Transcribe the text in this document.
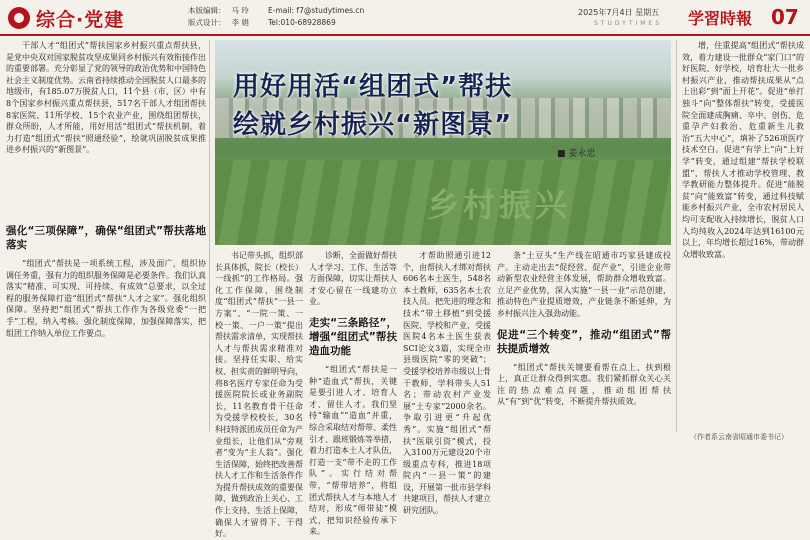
综合·党建	本版编辑： 马 玲
版式设计： 李 娟
E-mail: f7@studytimes.cn
Tel:010-68928869
2025年7月4日 星期五
STUDYTIMES 学習時報 07
乡村振兴
用好用活“组团式”帮扶
绘就乡村振兴“新图景”
■ 姜永忠

干部人才“组团式”帮扶国家乡村振兴重点帮扶县，是党中央双对国家脱贫攻坚成果同乡村振兴有效衔接作出的重要部署。充分彰显了党的领导的政治优势和中国特色社会主义制度优势。云南省持续推动全国脱贫人口最多的地级市，有185.07万脱贫人口，11个县（市、区）中有8个国家乡村振兴重点帮扶县，517名干部人才组团帮扶8家医院、11所学校、15个农业产业，围绕组团帮扶，群众所盼，人才所能，用好用活“组团式”帮扶机制，着力打造“组团式”帮扶“照通经验”，绘就巩固脱贫成果推进乡村振兴的“新图景”。

强化“三项保障”，确保“组团式”帮扶落地落实

“组团式”帮扶是一项系统工程，涉及面广，组织协调任务重，强有力的组织服务保障是必要条件。我们认真落实“精准、可实现、可持续、有成效”总要求，以全过程的服务保障打造“组团式”帮扶“人才之家”。强化组织保障。坚持把“组团式”帮扶工作作为各级党委“一把手”工程，纳入考核。强化制度保障，加强保障落实，把组团工作纳入单位工作要点。

书记带头抓，组织部长具体抓，院长（校长）一线抓”的工作格局。强化工作保障，围绕制度“组团式”帮扶“一县一方案”、“一院一策、一校一策、一户一策”提出帮扶需求清单，实现帮扶人才与帮扶需求精准对接。坚持任实职、给实权、担实责的鲜明导向，将8名医疗专家任命为受援医院院长或业务副院长，11名教育骨干任命为受援学校校长，30名科技特派团成员任命为产业组长，让他们从“旁观者”变为“主人翁”。强化生活保障，始终把改善帮扶人才工作和生活条件作为提升帮扶成效的重要保障，做到政治上关心、工作上支持、生活上保障，确保人才留得下、干得好。

诊断，全面做好帮扶人才学习、工作、生活等方面保障，切实让帮扶人才安心留在一线建功立业。

走实“三条路径”，增强“组团式”帮扶造血功能

“组团式”帮扶是一种“造血式”帮扶，关键是要引进人才、培育人才、留住人才。我们坚持“输血”“造血”并重，综合采取结对帮带、柔性引才、跟班锻炼等举措，着力打造本土人才队伍，打造一支“带不走的工作队”。实行结对帮带，“帮带培养”，将组团式帮扶人才与本地人才结对，形成“师带徒”模式，把知识经验传承下来。

才帮助照通引进12个，由帮扶人才绑对帮扶606名本土医生，548名本土教师，635名本土农技人员。把先进的理念和技术“带土移植”到受援医院、学校和产业，受援医院4名本土医生获表SCI论文3篇，实现全市县级医院“零的突破”；受援学校培养市级以上骨干教师、学科带头人51名；带动农村产业发展“土专家”2000余名。争取引进更“升起优秀”。实施“组团式”帮扶“医联引资”模式，投入3100万元建设20个市级重点专科，推进18项院内“一县一策”的建设，开展第一批市县学科共建项目，帮扶人才建立研究团队。

条“土豆头”生产线在昭通市巧家县建成投产。主动走出去“促经营、促产业”，引进企业带动新型农业经营主体发展，帮助群众增收致富。立足产业优势，深入实施“一县一业”示范创建，推动特色产业提质增效，产业链条不断延伸，为乡村振兴注入强劲动能。

促进“三个转变”，推动“组团式”帮扶提质增效

“组团式”帮扶关键要看帮在点上、扶到根上，真正让群众得到实惠。我们紧抓群众关心关注的热点难点问题，推动组团帮扶从“有”到“优”转变，不断提升帮扶质效。

增，住重提高“组团式”帮扶成效，着力建设一批群众“家门口”的好医院、好学校，培育壮大一批乡村振兴产业，推动帮扶成果从“点上出彩”到“面上开花”。促进“单打独斗”向“整体帮扶”转变，受援医院全面建成胸痛、卒中、创伤、危重孕产妇救治、危重新生儿救治“五大中心”，填补了526项医疗技术空白。促进“有学上”向“上好学”转变，通过组建“帮扶学校联盟”，帮扶人才推动学校管理、教学教研能力整体提升。促进“能脱贫”向“能致富”转变，通过科技赋能乡村振兴产业，全市农村居民人均可支配收入持续增长，脱贫人口人均纯收入2024年达到16100元以上，年均增长超过16%，带动群众增收致富。

（作者系云南省昭通市委书记）
